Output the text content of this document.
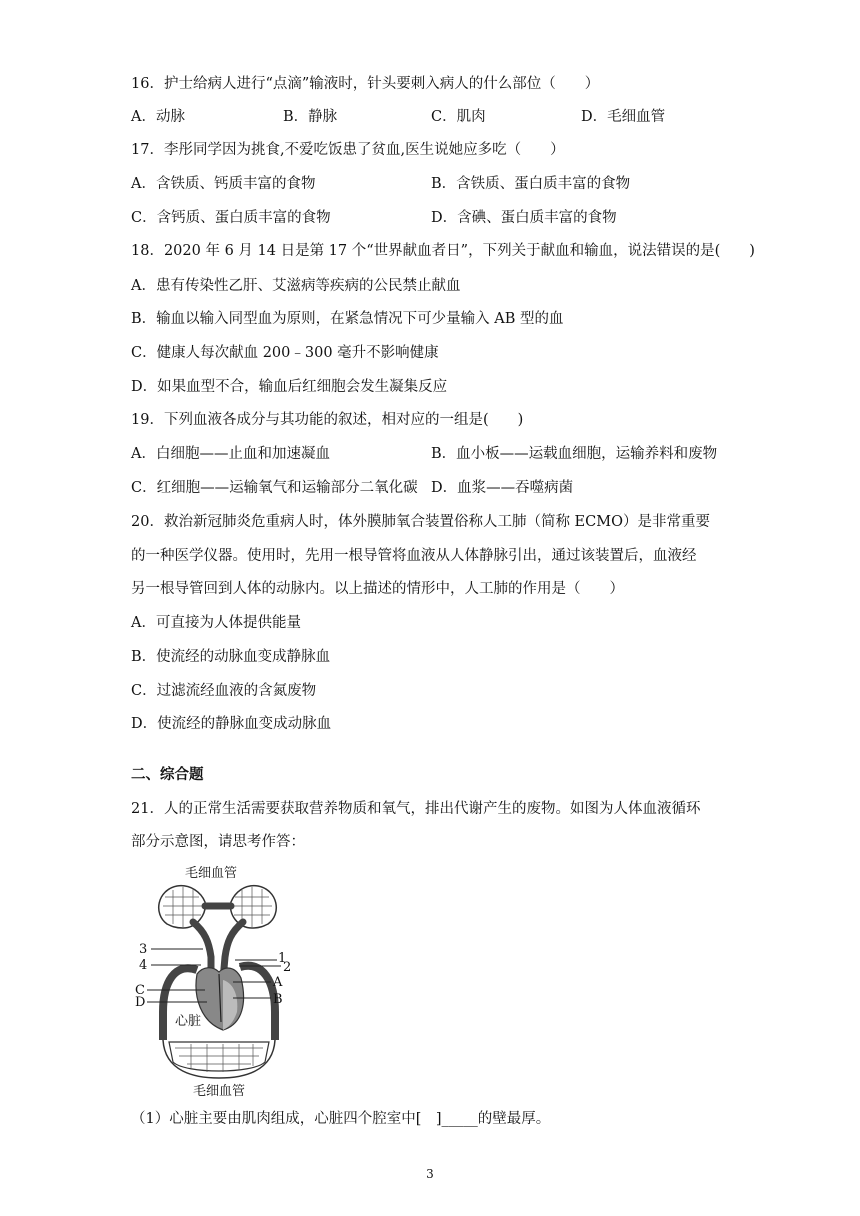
16．护士给病人进行“点滴”输液时，针头要刺入病人的什么部位（　　）
A．动脉	B．静脉	C．肌肉	D．毛细血管
17．李彤同学因为挑食,不爱吃饭患了贫血,医生说她应多吃（　　）
A．含铁质、钙质丰富的食物	B．含铁质、蛋白质丰富的食物
C．含钙质、蛋白质丰富的食物	D．含碘、蛋白质丰富的食物
18．2020 年 6 月 14 日是第 17 个“世界献血者日”，下列关于献血和输血，说法错误的是(　　)
A．患有传染性乙肝、艾滋病等疾病的公民禁止献血
B．输血以输入同型血为原则，在紧急情况下可少量输入 AB 型的血
C．健康人每次献血 200﹣300 毫升不影响健康
D．如果血型不合，输血后红细胞会发生凝集反应
19．下列血液各成分与其功能的叙述，相对应的一组是(　　)
A．白细胞——止血和加速凝血	B．血小板——运载血细胞，运输养料和废物
C．红细胞——运输氧气和运输部分二氧化碳 D．血浆——吞噬病菌
20．救治新冠肺炎危重病人时，体外膜肺氧合装置俗称人工肺（简称 ECMO）是非常重要
的一种医学仪器。使用时，先用一根导管将血液从人体静脉引出，通过该装置后，血液经
另一根导管回到人体的动脉内。以上描述的情形中，人工肺的作用是（　　）
A．可直接为人体提供能量
B．使流经的动脉血变成静脉血
C．过滤流经血液的含氮废物
D．使流经的静脉血变成动脉血
二、综合题
21．人的正常生活需要获取营养物质和氧气，排出代谢产生的废物。如图为人体血液循环
部分示意图，请思考作答：
毛细血管
3
4
C
D
1
2
A
B
心脏
毛细血管
（1）心脏主要由肌肉组成，心脏四个腔室中[　]_____的壁最厚。
3
